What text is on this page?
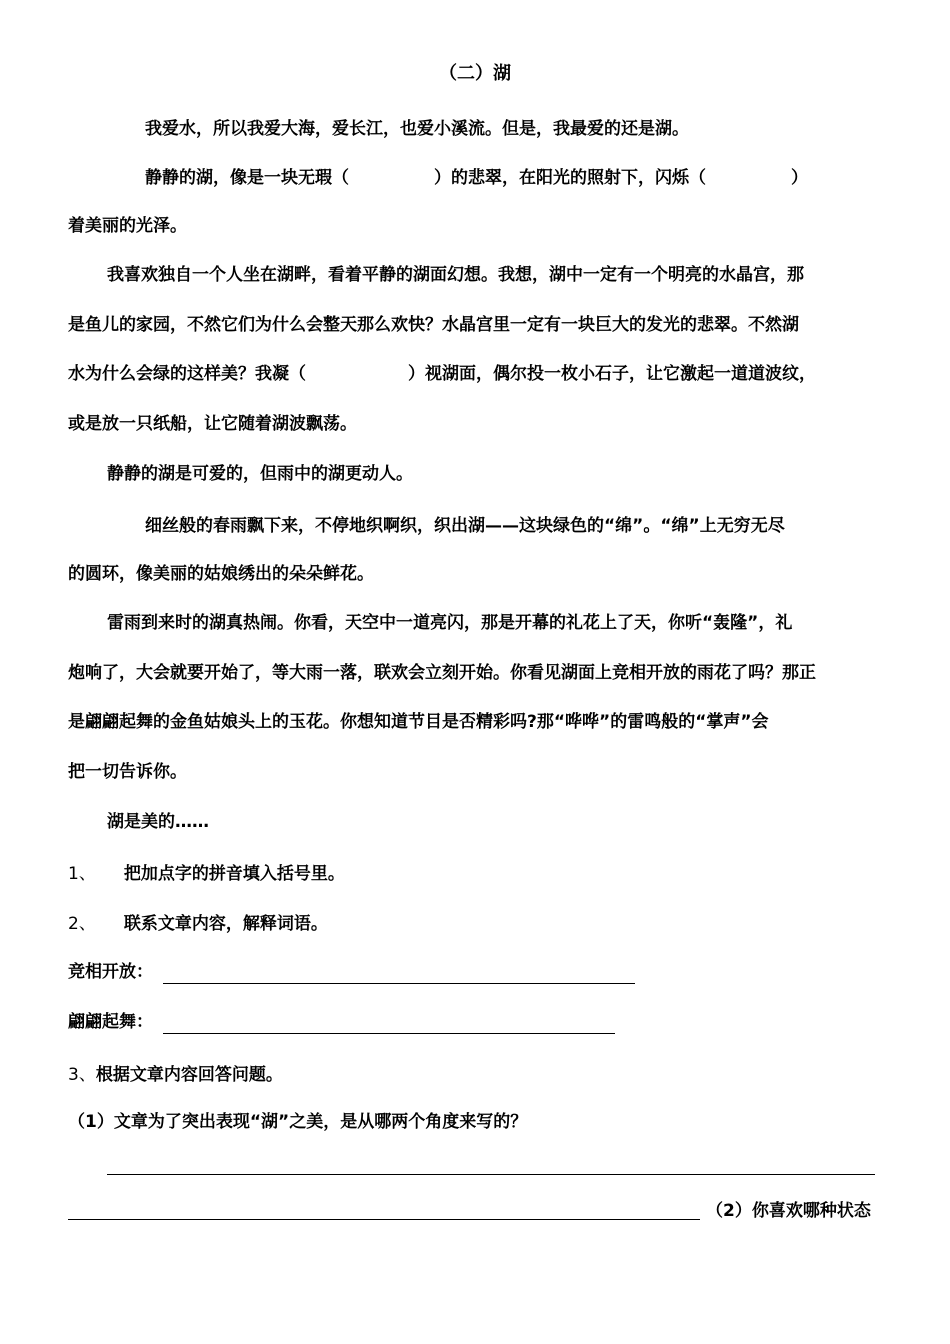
（二）湖

我爱水，所以我爱大海，爱长江，也爱小溪流。但是，我最爱的还是湖。

静静的湖，像是一块无瑕（　　　　　）的悲翠，在阳光的照射下，闪烁（　　　　　）

着美丽的光泽。

我喜欢独自一个人坐在湖畔，看着平静的湖面幻想。我想，湖中一定有一个明亮的水晶宫，那

是鱼儿的家园，不然它们为什么会整天那么欢快？水晶宫里一定有一块巨大的发光的悲翠。不然湖

水为什么会绿的这样美？我凝（　　　　　　）视湖面，偶尔投一枚小石子，让它激起一道道波纹，

或是放一只纸船，让它随着湖波飘荡。

静静的湖是可爱的，但雨中的湖更动人。

细丝般的春雨飘下来，不停地织啊织，织出湖——这块绿色的“绵”。“绵”上无穷无尽

的圆环，像美丽的姑娘绣出的朵朵鲜花。

雷雨到来时的湖真热闹。你看，天空中一道亮闪，那是开幕的礼花上了天，你听“轰隆”，礼

炮响了，大会就要开始了，等大雨一落，联欢会立刻开始。你看见湖面上竞相开放的雨花了吗？那正

是翩翩起舞的金鱼姑娘头上的玉花。你想知道节目是否精彩吗?那“哗哗”的雷鸣般的“掌声”会

把一切告诉你。

湖是美的……

1、 把加点字的拼音填入括号里。

2、 联系文章内容，解释词语。

竞相开放：

翩翩起舞：

3、根据文章内容回答问题。

（1）文章为了突出表现“湖”之美，是从哪两个角度来写的？

（2）你喜欢哪种状态
